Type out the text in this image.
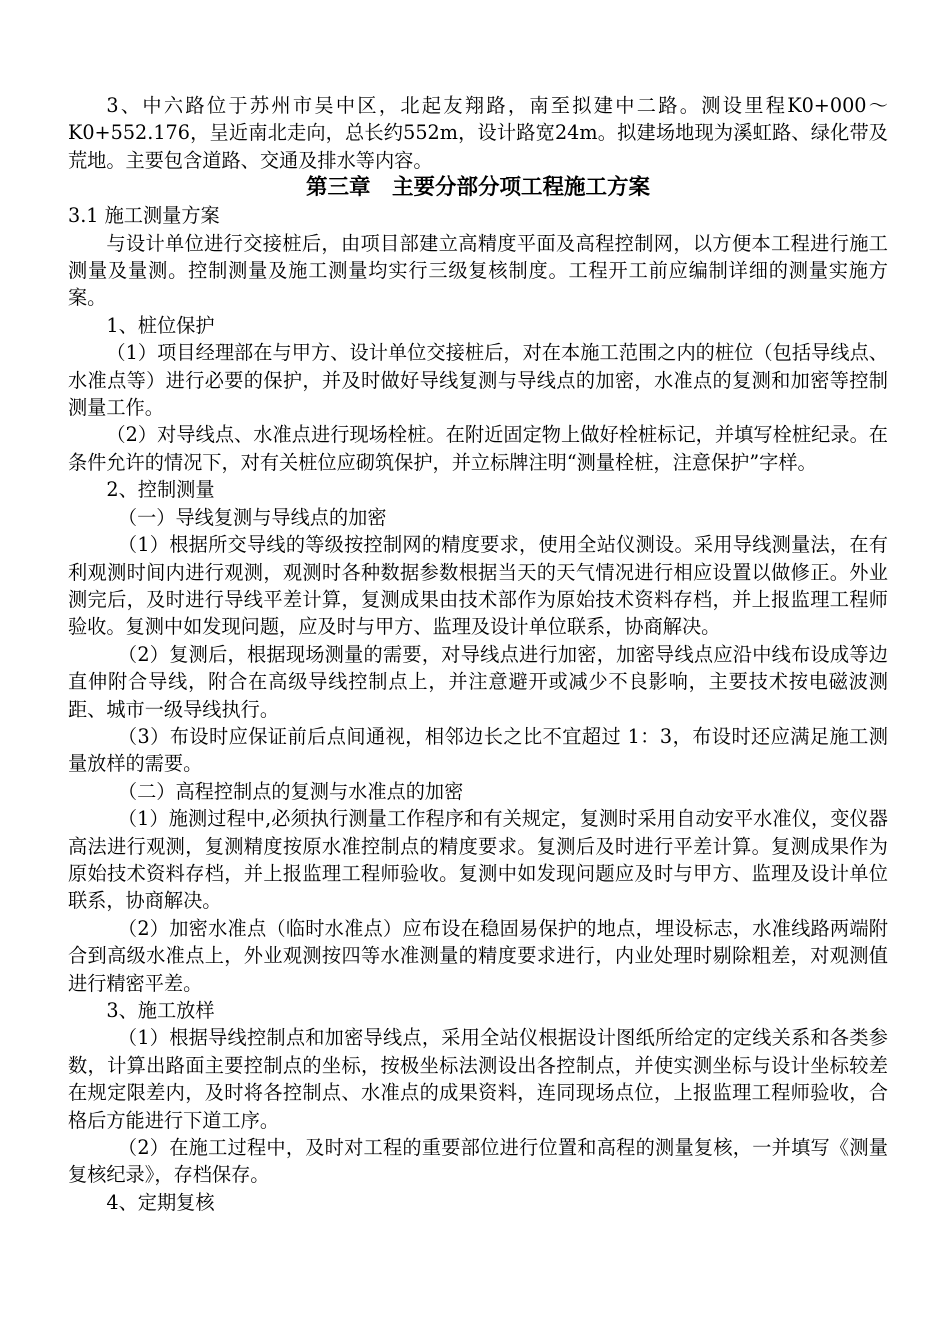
3、中六路位于苏州市吴中区，北起友翔路，南至拟建中二路。测设里程K0+000～K0+552.176，呈近南北走向，总长约552m，设计路宽24m。拟建场地现为溪虹路、绿化带及荒地。主要包含道路、交通及排水等内容。

第三章　主要分部分项工程施工方案

3.1 施工测量方案

与设计单位进行交接桩后，由项目部建立高精度平面及高程控制网，以方便本工程进行施工测量及量测。控制测量及施工测量均实行三级复核制度。工程开工前应编制详细的测量实施方案。

1、桩位保护

（1）项目经理部在与甲方、设计单位交接桩后，对在本施工范围之内的桩位（包括导线点、水准点等）进行必要的保护，并及时做好导线复测与导线点的加密，水准点的复测和加密等控制测量工作。

（2）对导线点、水准点进行现场栓桩。在附近固定物上做好栓桩标记，并填写栓桩纪录。在条件允许的情况下，对有关桩位应砌筑保护，并立标牌注明“测量栓桩，注意保护”字样。

2、控制测量

（一）导线复测与导线点的加密

（1）根据所交导线的等级按控制网的精度要求，使用全站仪测设。采用导线测量法，在有利观测时间内进行观测，观测时各种数据参数根据当天的天气情况进行相应设置以做修正。外业测完后，及时进行导线平差计算，复测成果由技术部作为原始技术资料存档，并上报监理工程师验收。复测中如发现问题，应及时与甲方、监理及设计单位联系，协商解决。

（2）复测后，根据现场测量的需要，对导线点进行加密，加密导线点应沿中线布设成等边直伸附合导线，附合在高级导线控制点上，并注意避开或减少不良影响，主要技术按电磁波测距、城市一级导线执行。

（3）布设时应保证前后点间通视，相邻边长之比不宜超过 1：3，布设时还应满足施工测量放样的需要。

（二）高程控制点的复测与水准点的加密

（1）施测过程中,必须执行测量工作程序和有关规定，复测时采用自动安平水准仪，变仪器高法进行观测，复测精度按原水准控制点的精度要求。复测后及时进行平差计算。复测成果作为原始技术资料存档，并上报监理工程师验收。复测中如发现问题应及时与甲方、监理及设计单位联系，协商解决。

（2）加密水准点（临时水准点）应布设在稳固易保护的地点，埋设标志，水准线路两端附合到高级水准点上，外业观测按四等水准测量的精度要求进行，内业处理时剔除粗差，对观测值进行精密平差。

3、施工放样

（1）根据导线控制点和加密导线点，采用全站仪根据设计图纸所给定的定线关系和各类参数，计算出路面主要控制点的坐标，按极坐标法测设出各控制点，并使实测坐标与设计坐标较差在规定限差内，及时将各控制点、水准点的成果资料，连同现场点位，上报监理工程师验收，合格后方能进行下道工序。

（2）在施工过程中，及时对工程的重要部位进行位置和高程的测量复核，一并填写《测量复核纪录》，存档保存。

4、定期复核
